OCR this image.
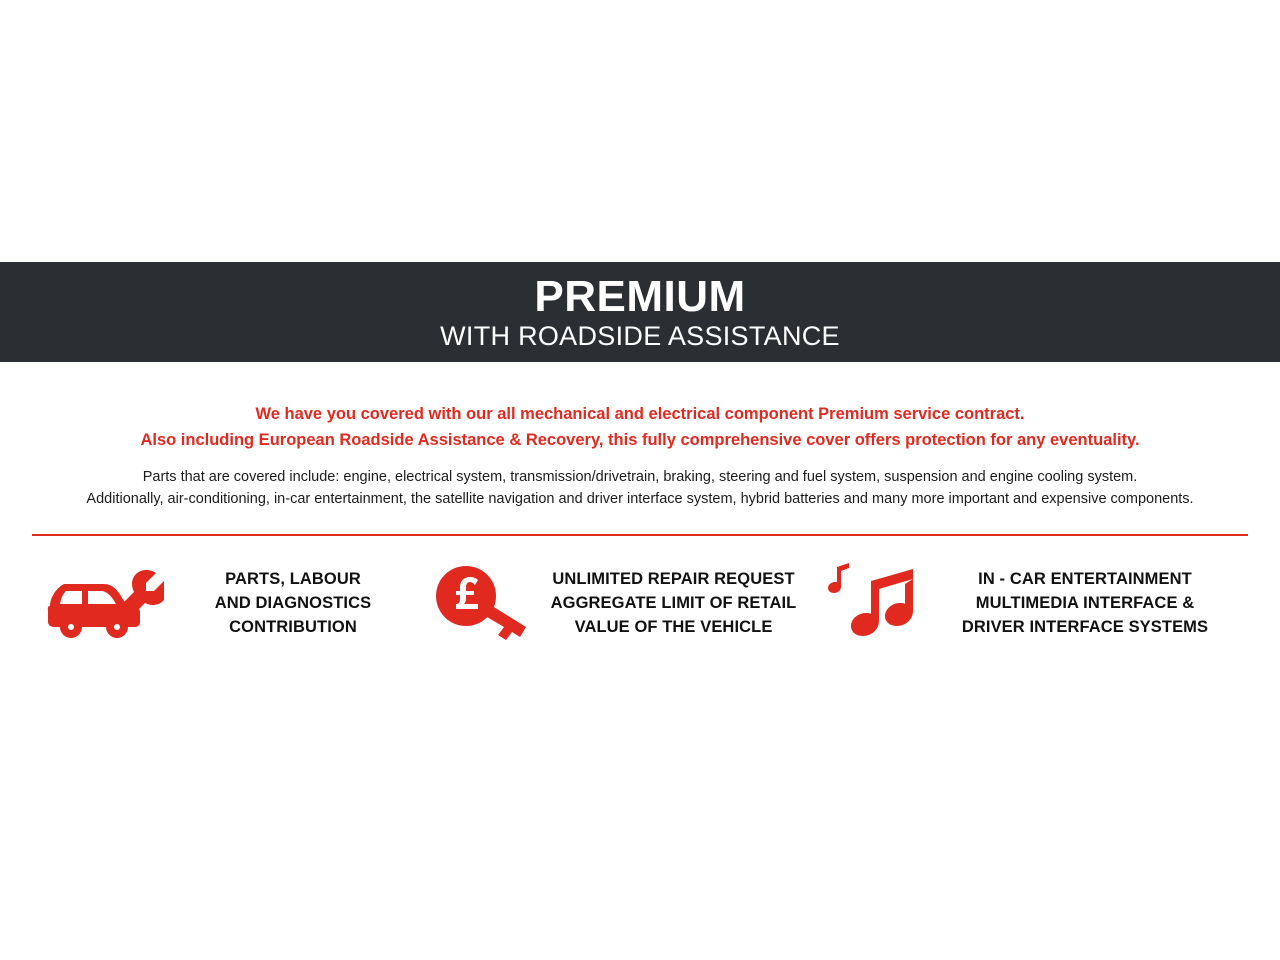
PREMIUM
WITH ROADSIDE ASSISTANCE
We have you covered with our all mechanical and electrical component Premium service contract.
Also including European Roadside Assistance & Recovery, this fully comprehensive cover offers protection for any eventuality.
Parts that are covered include: engine, electrical system, transmission/drivetrain, braking, steering and fuel system, suspension and engine cooling system.
Additionally, air-conditioning, in-car entertainment, the satellite navigation and driver interface system, hybrid batteries and many more important and expensive components.
PARTS, LABOUR
AND DIAGNOSTICS
CONTRIBUTION
UNLIMITED REPAIR REQUEST
AGGREGATE LIMIT OF RETAIL
VALUE OF THE VEHICLE
IN - CAR ENTERTAINMENT
MULTIMEDIA INTERFACE &
DRIVER INTERFACE SYSTEMS
